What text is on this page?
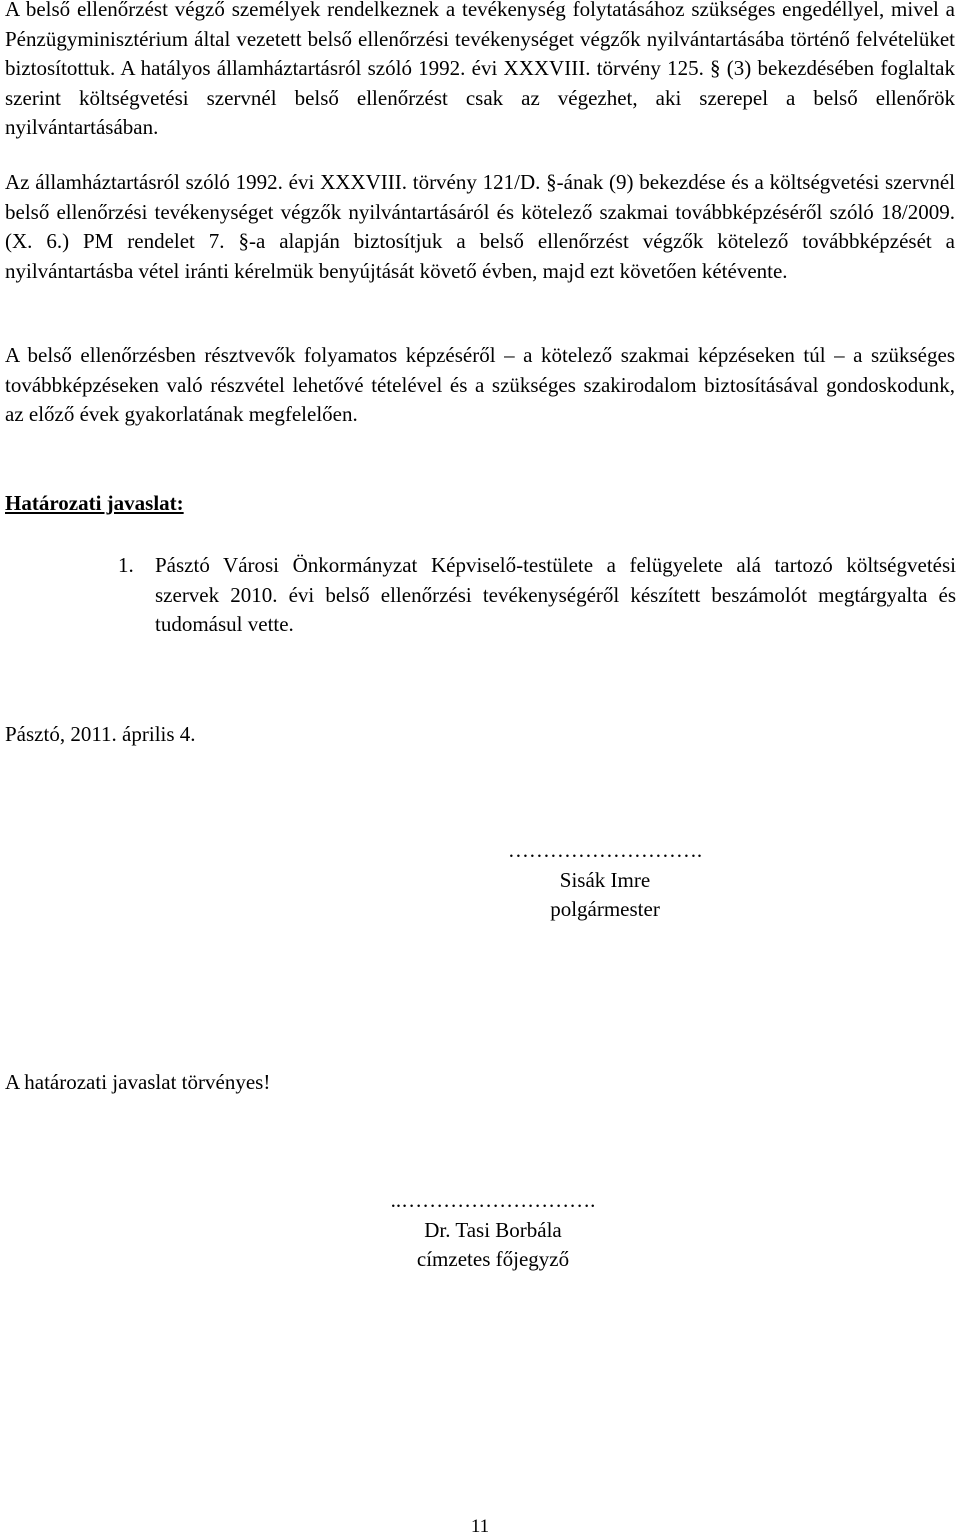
A belső ellenőrzést végző személyek rendelkeznek a tevékenység folytatásához szükséges engedéllyel, mivel a Pénzügyminisztérium által vezetett belső ellenőrzési tevékenységet végzők nyilvántartásába történő felvételüket biztosítottuk. A hatályos államháztartásról szóló 1992. évi XXXVIII. törvény 125. § (3) bekezdésében foglaltak szerint költségvetési szervnél belső ellenőrzést csak az végezhet, aki szerepel a belső ellenőrök nyilvántartásában.

Az államháztartásról szóló 1992. évi XXXVIII. törvény 121/D. §-ának (9) bekezdése és a költségvetési szervnél belső ellenőrzési tevékenységet végzők nyilvántartásáról és kötelező szakmai továbbképzéséről szóló 18/2009. (X. 6.) PM rendelet 7. §-a alapján biztosítjuk a belső ellenőrzést végzők kötelező továbbképzését a nyilvántartásba vétel iránti kérelmük benyújtását követő évben, majd ezt követően kétévente.

A belső ellenőrzésben résztvevők folyamatos képzéséről – a kötelező szakmai képzéseken túl – a szükséges továbbképzéseken való részvétel lehetővé tételével és a szükséges szakirodalom biztosításával gondoskodunk, az előző évek gyakorlatának megfelelően.

Határozati javaslat:

1. Pásztó Városi Önkormányzat Képviselő-testülete a felügyelete alá tartozó költségvetési szervek 2010. évi belső ellenőrzési tevékenységéről készített beszámolót megtárgyalta és tudomásul vette.

Pásztó, 2011. április 4.

……………………….
Sisák Imre
polgármester

A határozati javaslat törvényes!

..……………………….
Dr. Tasi Borbála
címzetes főjegyző
11
